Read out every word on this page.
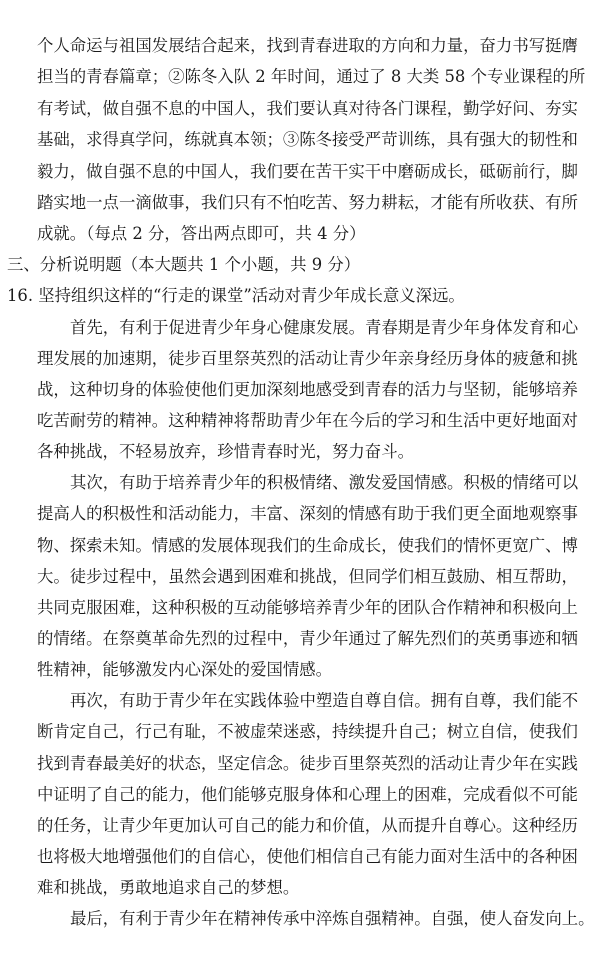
个人命运与祖国发展结合起来，找到青春进取的方向和力量，奋力书写挺膺
担当的青春篇章；②陈冬入队 2 年时间，通过了 8 大类 58 个专业课程的所
有考试，做自强不息的中国人，我们要认真对待各门课程，勤学好问、夯实
基础，求得真学问，练就真本领；③陈冬接受严苛训练，具有强大的韧性和
毅力，做自强不息的中国人，我们要在苦干实干中磨砺成长，砥砺前行，脚
踏实地一点一滴做事，我们只有不怕吃苦、努力耕耘，才能有所收获、有所
成就。（每点 2 分，答出两点即可，共 4 分）
三、分析说明题（本大题共 1 个小题，共 9 分）
16. 坚持组织这样的“行走的课堂”活动对青少年成长意义深远。
首先，有利于促进青少年身心健康发展。青春期是青少年身体发育和心
理发展的加速期，徒步百里祭英烈的活动让青少年亲身经历身体的疲惫和挑
战，这种切身的体验使他们更加深刻地感受到青春的活力与坚韧，能够培养
吃苦耐劳的精神。这种精神将帮助青少年在今后的学习和生活中更好地面对
各种挑战，不轻易放弃，珍惜青春时光，努力奋斗。
其次，有助于培养青少年的积极情绪、激发爱国情感。积极的情绪可以
提高人的积极性和活动能力，丰富、深刻的情感有助于我们更全面地观察事
物、探索未知。情感的发展体现我们的生命成长，使我们的情怀更宽广、博
大。徒步过程中，虽然会遇到困难和挑战，但同学们相互鼓励、相互帮助，
共同克服困难，这种积极的互动能够培养青少年的团队合作精神和积极向上
的情绪。在祭奠革命先烈的过程中，青少年通过了解先烈们的英勇事迹和牺
牲精神，能够激发内心深处的爱国情感。
再次，有助于青少年在实践体验中塑造自尊自信。拥有自尊，我们能不
断肯定自己，行己有耻，不被虚荣迷惑，持续提升自己；树立自信，使我们
找到青春最美好的状态，坚定信念。徒步百里祭英烈的活动让青少年在实践
中证明了自己的能力，他们能够克服身体和心理上的困难，完成看似不可能
的任务，让青少年更加认可自己的能力和价值，从而提升自尊心。这种经历
也将极大地增强他们的自信心，使他们相信自己有能力面对生活中的各种困
难和挑战，勇敢地追求自己的梦想。
最后，有利于青少年在精神传承中淬炼自强精神。自强，使人奋发向上。
